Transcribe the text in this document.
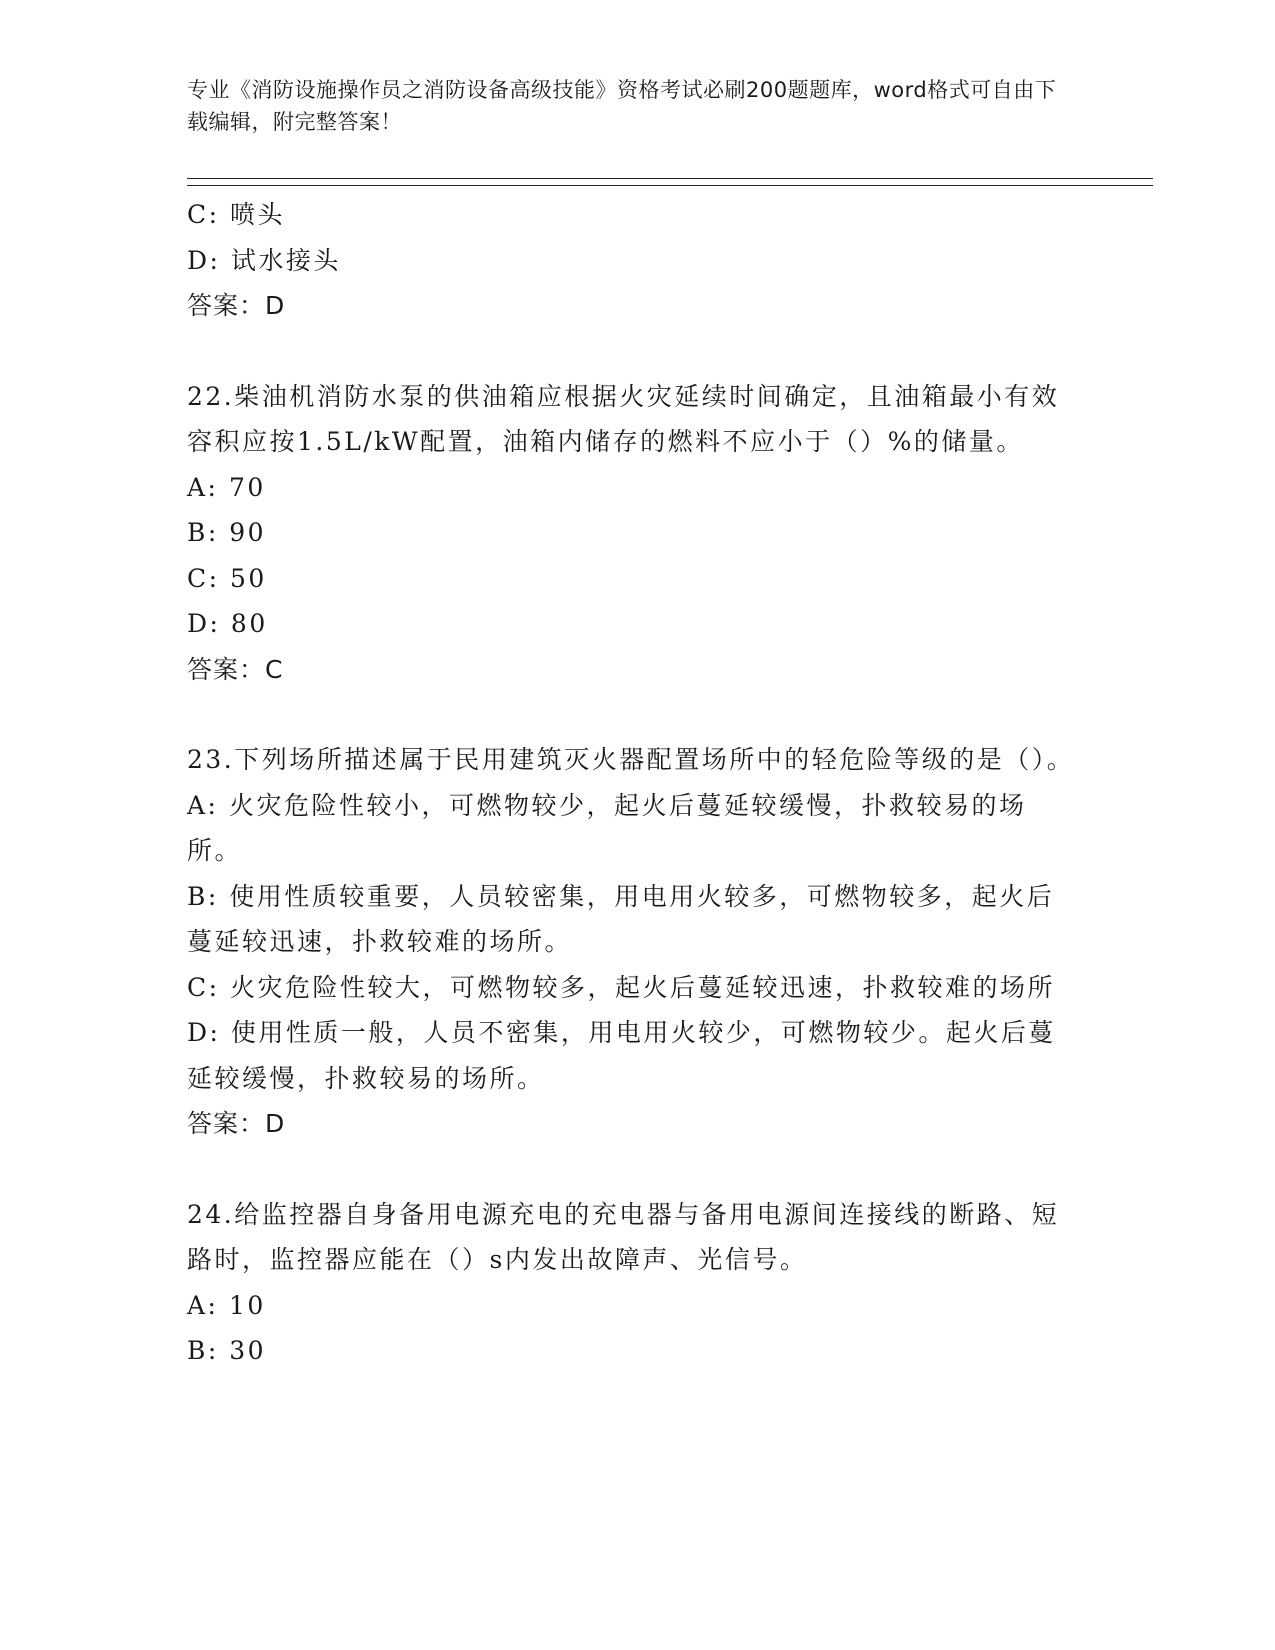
专业《消防设施操作员之消防设备高级技能》资格考试必刷200题题库，word格式可自由下载编辑，附完整答案！
C: 喷头
D: 试水接头
答案：D
22.柴油机消防水泵的供油箱应根据火灾延续时间确定，且油箱最小有效容积应按1.5L/kW配置，油箱内储存的燃料不应小于（）%的储量。
A: 70
B: 90
C: 50
D: 80
答案：C
23.下列场所描述属于民用建筑灭火器配置场所中的轻危险等级的是（）。
A: 火灾危险性较小，可燃物较少，起火后蔓延较缓慢，扑救较易的场所。
B: 使用性质较重要，人员较密集，用电用火较多，可燃物较多，起火后蔓延较迅速，扑救较难的场所。
C: 火灾危险性较大，可燃物较多，起火后蔓延较迅速，扑救较难的场所
D: 使用性质一般，人员不密集，用电用火较少，可燃物较少。起火后蔓延较缓慢，扑救较易的场所。
答案：D
24.给监控器自身备用电源充电的充电器与备用电源间连接线的断路、短路时，监控器应能在（）s内发出故障声、光信号。
A: 10
B: 30
